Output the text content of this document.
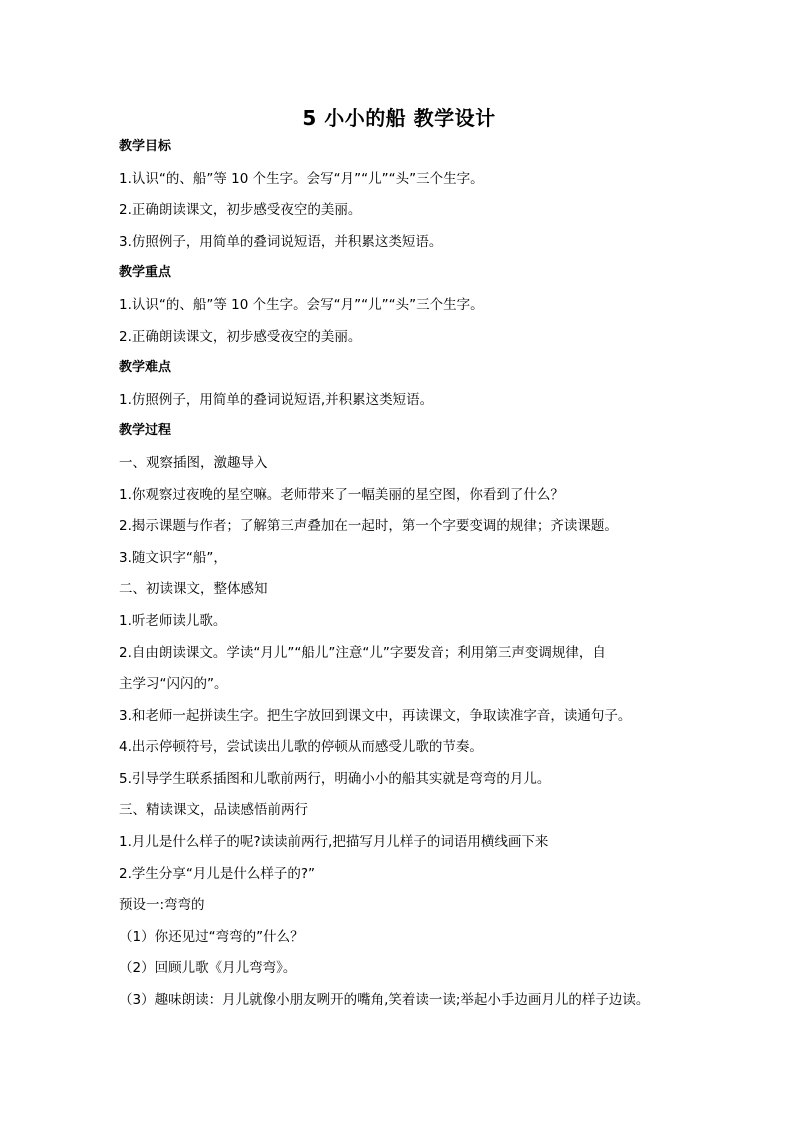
5 小小的船 教学设计
教学目标
1.认识“的、船”等 10 个生字。会写“月”“儿”“头”三个生字。
2.正确朗读课文，初步感受夜空的美丽。
3.仿照例子，用简单的叠词说短语，并积累这类短语。
教学重点
1.认识“的、船”等 10 个生字。会写“月”“儿”“头”三个生字。
2.正确朗读课文，初步感受夜空的美丽。
教学难点
1.仿照例子，用简单的叠词说短语,并积累这类短语。
教学过程
一、观察插图，激趣导入
1.你观察过夜晚的星空嘛。老师带来了一幅美丽的星空图，你看到了什么？
2.揭示课题与作者；了解第三声叠加在一起时，第一个字要变调的规律；齐读课题。
3.随文识字“船”，
二、初读课文，整体感知
1.听老师读儿歌。
2.自由朗读课文。学读“月儿”“船儿”注意“儿”字要发音；利用第三声变调规律，自
主学习“闪闪的”。
3.和老师一起拼读生字。把生字放回到课文中，再读课文，争取读准字音，读通句子。
4.出示停顿符号，尝试读出儿歌的停顿从而感受儿歌的节奏。
5.引导学生联系插图和儿歌前两行，明确小小的船其实就是弯弯的月儿。
三、精读课文，品读感悟前两行
1.月儿是什么样子的呢?读读前两行,把描写月儿样子的词语用横线画下来
2.学生分享“月儿是什么样子的?”
预设一:弯弯的
（1）你还见过“弯弯的”什么？
（2）回顾儿歌《月儿弯弯》。
（3）趣味朗读：月儿就像小朋友咧开的嘴角,笑着读一读;举起小手边画月儿的样子边读。
